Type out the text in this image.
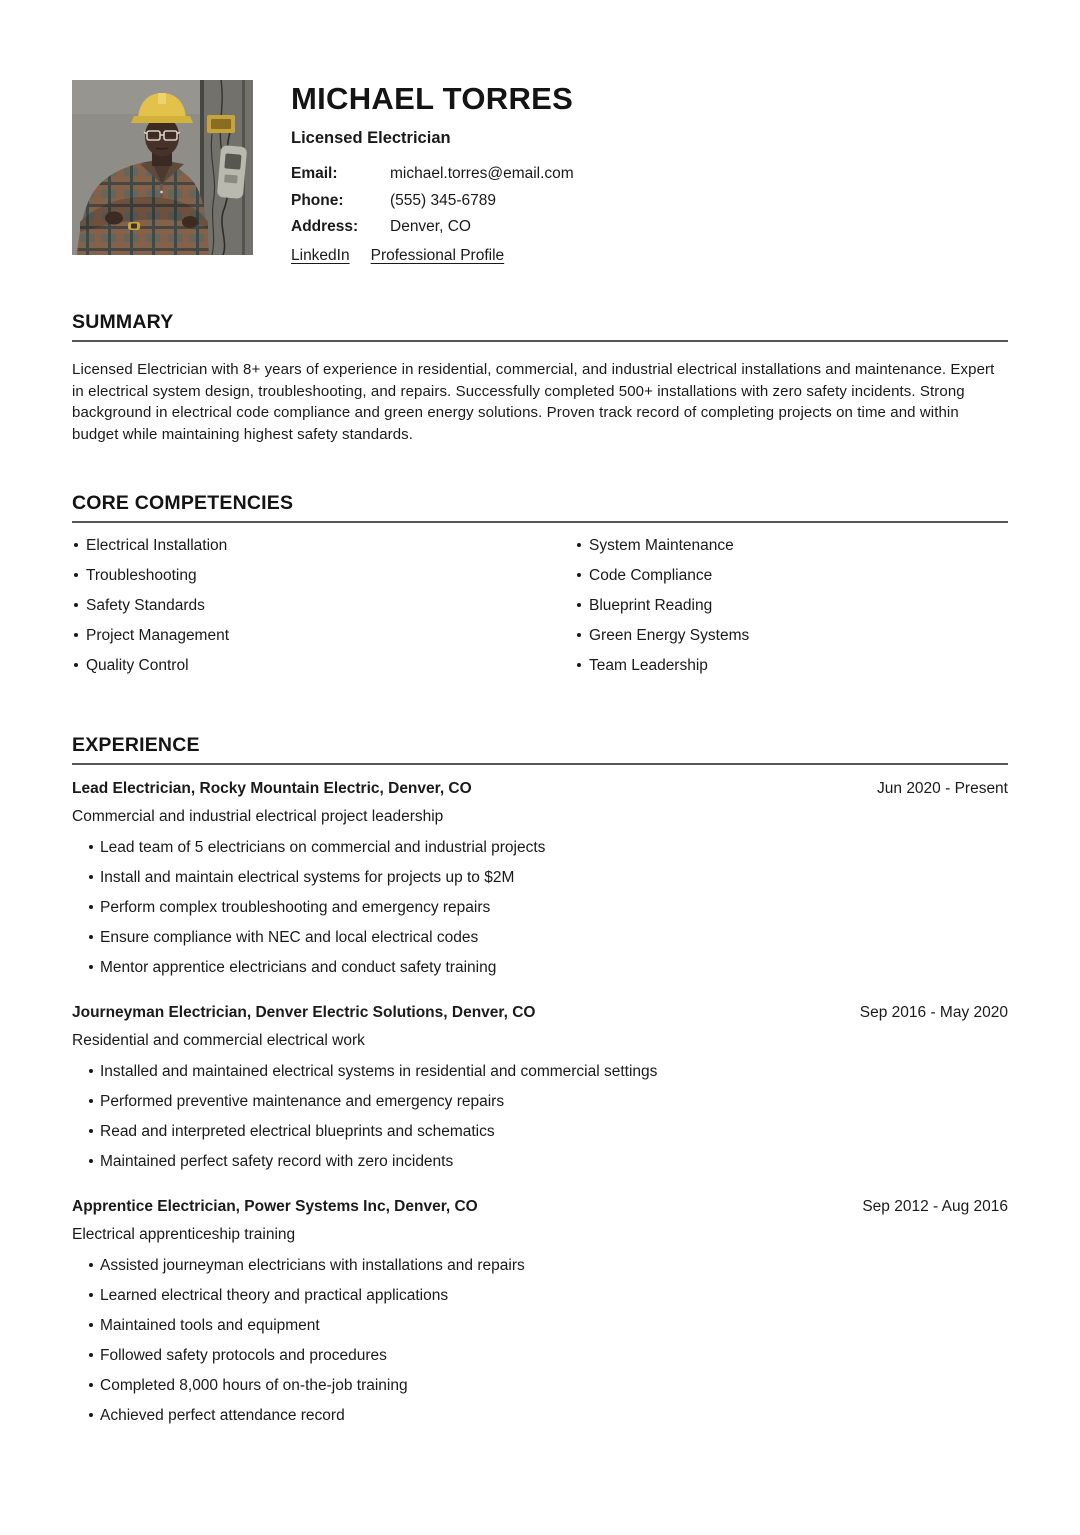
MICHAEL TORRES
Licensed Electrician
Email:	michael.torres@email.com
Phone:	(555) 345-6789
Address:	Denver, CO
LinkedIn Professional Profile
SUMMARY

Licensed Electrician with 8+ years of experience in residential, commercial, and industrial electrical installations and maintenance. Expert in electrical system design, troubleshooting, and repairs. Successfully completed 500+ installations with zero safety incidents. Strong background in electrical code compliance and green energy solutions. Proven track record of completing projects on time and within budget while maintaining highest safety standards.

CORE COMPETENCIES
Electrical Installation
Troubleshooting
Safety Standards
Project Management
Quality Control
System Maintenance
Code Compliance
Blueprint Reading
Green Energy Systems
Team Leadership
EXPERIENCE
Lead Electrician, Rocky Mountain Electric, Denver, CO	Jun 2020 - Present
Commercial and industrial electrical project leadership
Lead team of 5 electricians on commercial and industrial projects
Install and maintain electrical systems for projects up to $2M
Perform complex troubleshooting and emergency repairs
Ensure compliance with NEC and local electrical codes
Mentor apprentice electricians and conduct safety training
Journeyman Electrician, Denver Electric Solutions, Denver, CO	Sep 2016 - May 2020
Residential and commercial electrical work
Installed and maintained electrical systems in residential and commercial settings
Performed preventive maintenance and emergency repairs
Read and interpreted electrical blueprints and schematics
Maintained perfect safety record with zero incidents
Apprentice Electrician, Power Systems Inc, Denver, CO	Sep 2012 - Aug 2016
Electrical apprenticeship training
Assisted journeyman electricians with installations and repairs
Learned electrical theory and practical applications
Maintained tools and equipment
Followed safety protocols and procedures
Completed 8,000 hours of on-the-job training
Achieved perfect attendance record
